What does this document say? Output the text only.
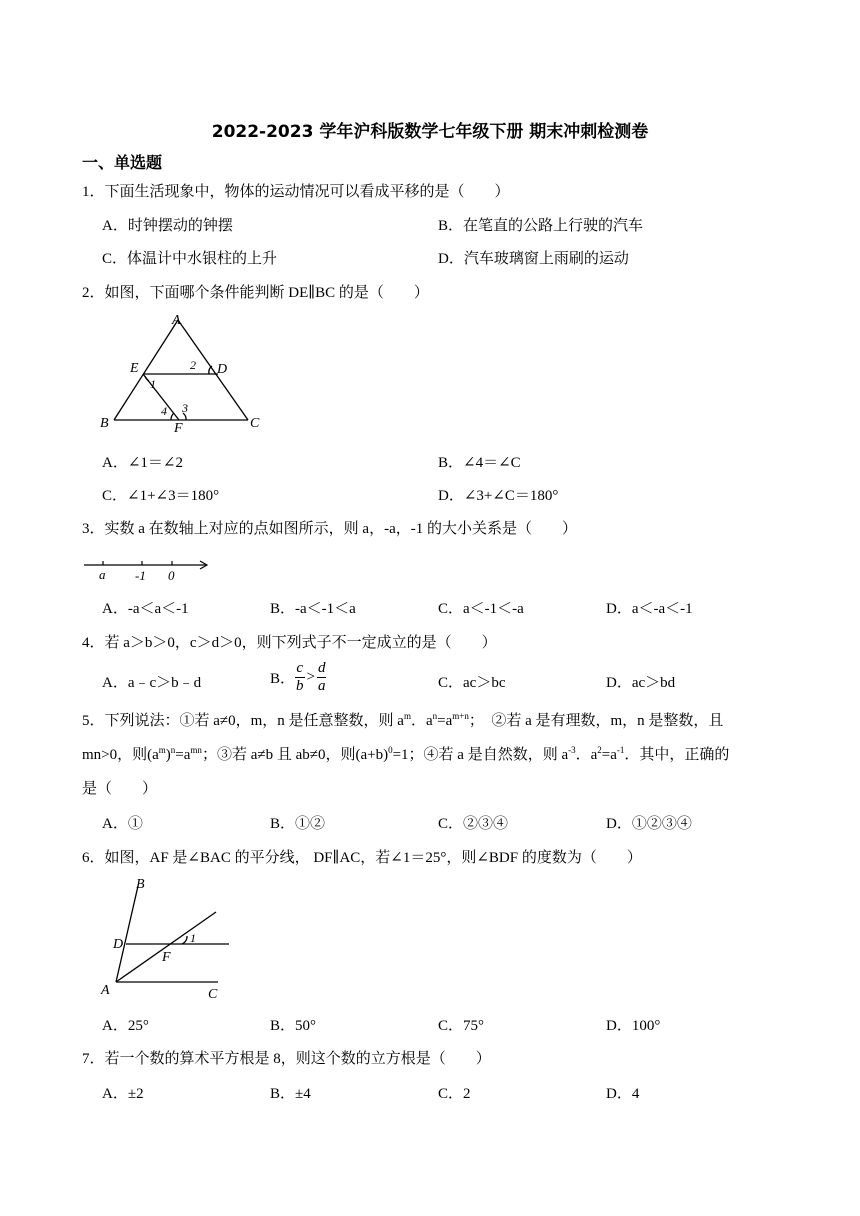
2022-2023 学年沪科版数学七年级下册 期末冲刺检测卷
一、单选题
1．下面生活现象中，物体的运动情况可以看成平移的是（　　）
A．时钟摆动的钟摆	B．在笔直的公路上行驶的汽车
C．体温计中水银柱的上升	D．汽车玻璃窗上雨刷的运动
2．如图，下面哪个条件能判断 DE∥BC 的是（　　）
A
E	D
B	C
F
1
2
4 3
A．∠1＝∠2	B．∠4＝∠C
C．∠1+∠3＝180°	D．∠3+∠C＝180°
3．实数 a 在数轴上对应的点如图所示，则 a，-a，-1 的大小关系是（　　）
a -1 0
A．-a＜a＜-1	B．-a＜-1＜a	C．a＜-1＜-a	D．a＜-a＜-1
4．若 a＞b＞0，c＞d＞0，则下列式子不一定成立的是（　　）
A．a﹣c＞b﹣d	B． $\frac{c}{b} > \frac{d}{a}$	C．ac＞bc	D．ac＞bd
5．下列说法：①若 a≠0，m，n 是任意整数，则 $a^m$．$a^n=a^{m+n}$；　②若 a 是有理数，m，n 是整数，且
mn>0，则$(a^m)^n=a^{mn}$；③若 a≠b 且 ab≠0，则$(a+b)^0=1$；④若 a 是自然数，则 $a^{-3}$．$a^2=a^{-1}$．其中，正确的
是（　　）
A．①	B．①②	C．②③④	D．①②③④
6．如图，AF 是∠BAC 的平分线， DF∥AC，若∠1＝25°，则∠BDF 的度数为（　　）
B
D
F
A	C
1
A．25°	B．50°	C．75°	D．100°
7．若一个数的算术平方根是 8，则这个数的立方根是（　　）
A．±2	B．±4	C．2	D．4
